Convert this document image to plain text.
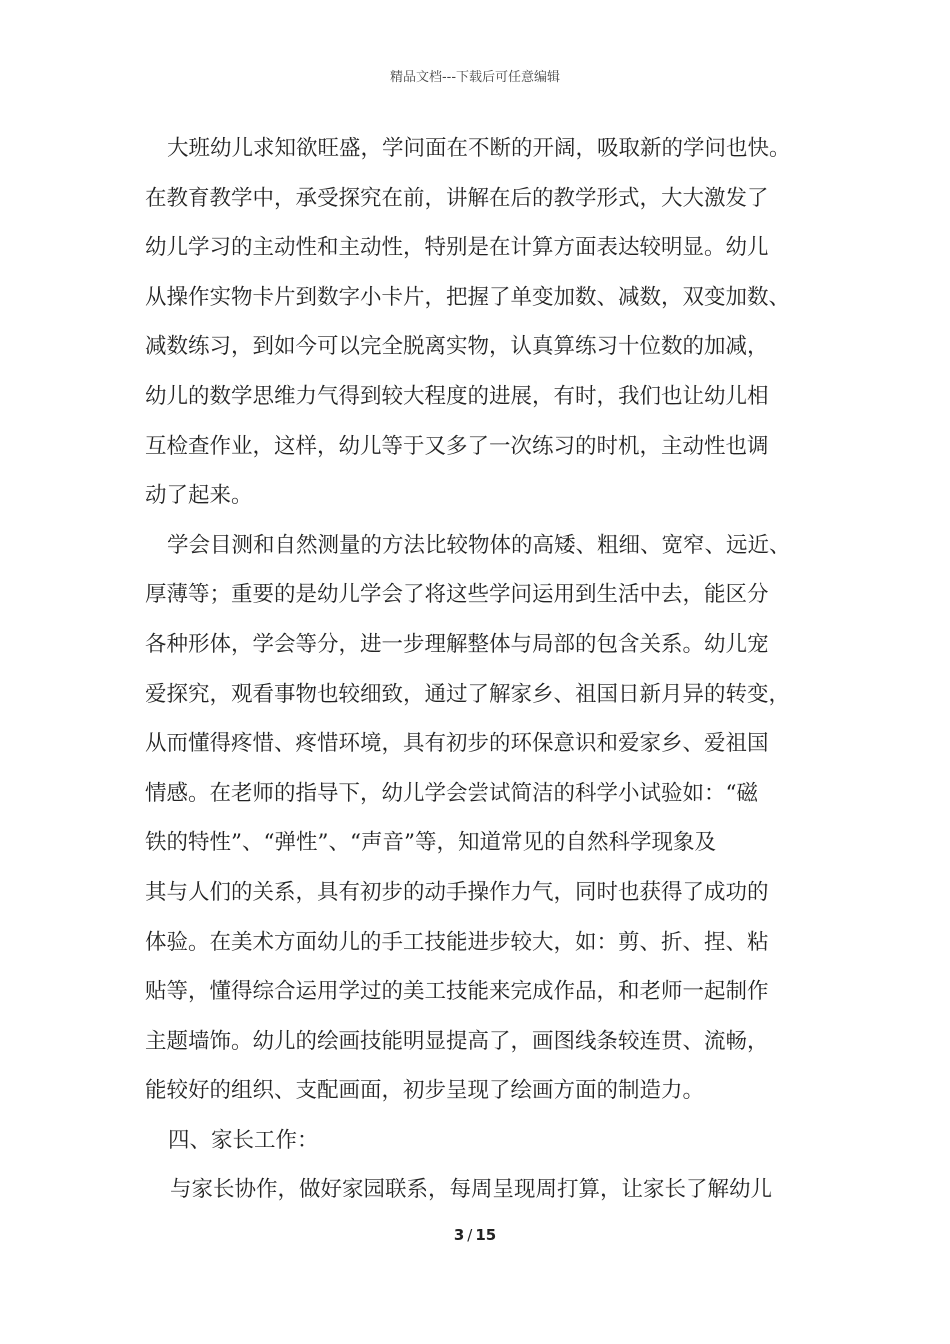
精品文档---下载后可任意编辑
大班幼儿求知欲旺盛，学问面在不断的开阔，吸取新的学问也快。
在教育教学中，承受探究在前，讲解在后的教学形式，大大激发了
幼儿学习的主动性和主动性，特别是在计算方面表达较明显。幼儿
从操作实物卡片到数字小卡片，把握了单变加数、减数，双变加数、
减数练习，到如今可以完全脱离实物，认真算练习十位数的加减，
幼儿的数学思维力气得到较大程度的进展，有时，我们也让幼儿相
互检查作业，这样，幼儿等于又多了一次练习的时机，主动性也调
动了起来。
学会目测和自然测量的方法比较物体的高矮、粗细、宽窄、远近、
厚薄等；重要的是幼儿学会了将这些学问运用到生活中去，能区分
各种形体，学会等分，进一步理解整体与局部的包含关系。幼儿宠
爱探究，观看事物也较细致，通过了解家乡、祖国日新月异的转变，
从而懂得疼惜、疼惜环境，具有初步的环保意识和爱家乡、爱祖国
情感。在老师的指导下，幼儿学会尝试简洁的科学小试验如：“磁
铁的特性”、“弹性”、“声音”等，知道常见的自然科学现象及
其与人们的关系，具有初步的动手操作力气，同时也获得了成功的
体验。在美术方面幼儿的手工技能进步较大，如：剪、折、捏、粘
贴等，懂得综合运用学过的美工技能来完成作品，和老师一起制作
主题墙饰。幼儿的绘画技能明显提高了，画图线条较连贯、流畅，
能较好的组织、支配画面，初步呈现了绘画方面的制造力。
四、家长工作：
与家长协作，做好家园联系，每周呈现周打算，让家长了解幼儿
3 / 15
